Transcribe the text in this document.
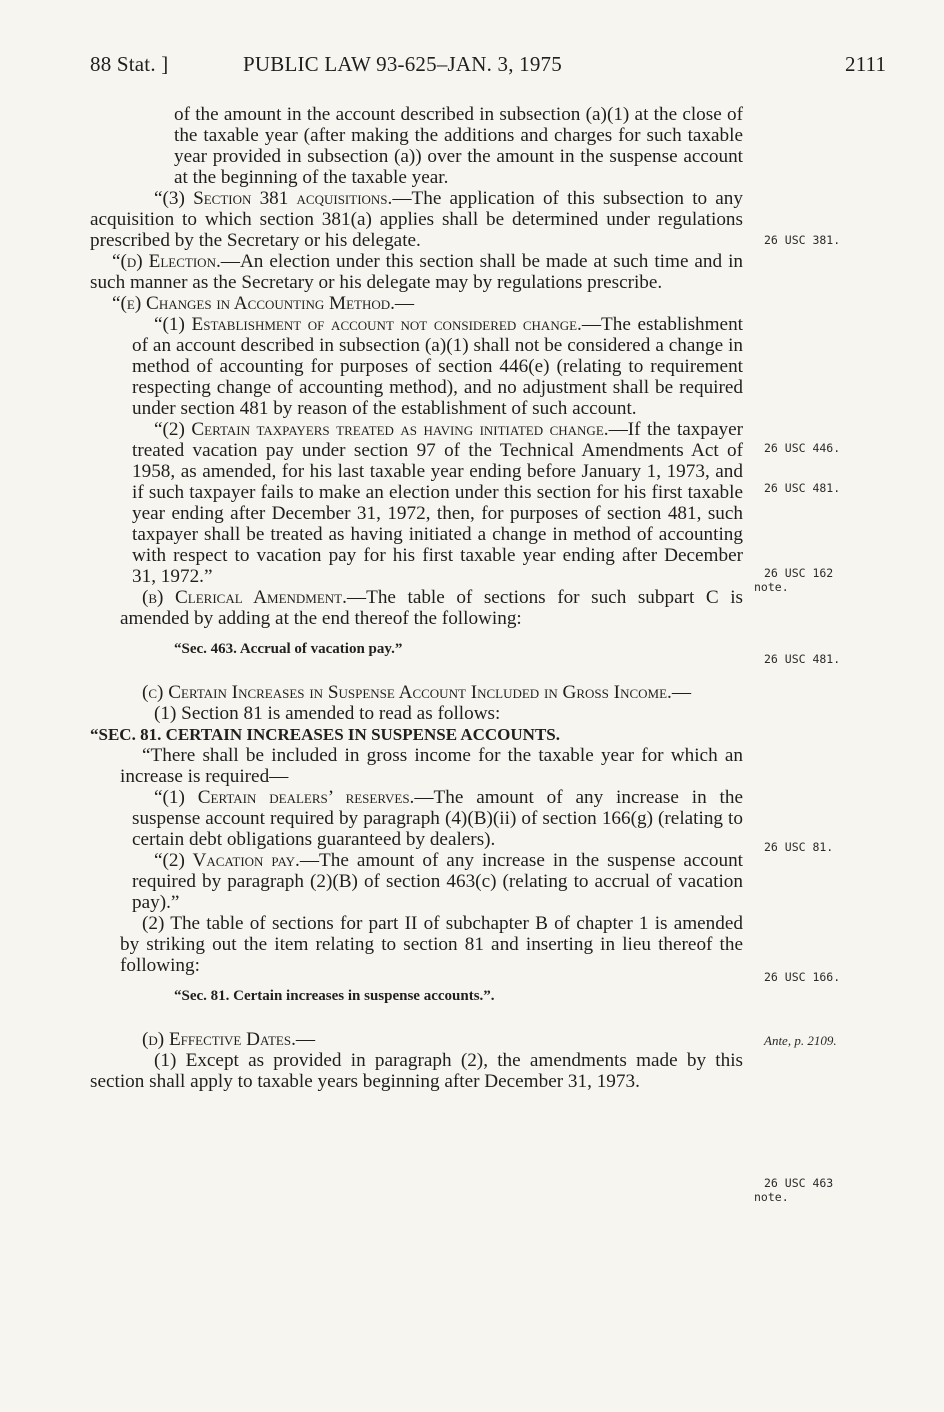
88 Stat. ]	PUBLIC LAW 93-625–JAN. 3, 1975	2111

of the amount in the account described in subsection (a)(1) at the close of the taxable year (after making the additions and charges for such taxable year provided in subsection (a)) over the amount in the suspense account at the beginning of the taxable year.

“(3) Section 381 acquisitions.—The application of this subsection to any acquisition to which section 381(a) applies shall be determined under regulations prescribed by the Secretary or his delegate.

“(d) Election.—An election under this section shall be made at such time and in such manner as the Secretary or his delegate may by regulations prescribe.

“(e) Changes in Accounting Method.—

“(1) Establishment of account not considered change.—The establishment of an account described in subsection (a)(1) shall not be considered a change in method of accounting for purposes of section 446(e) (relating to requirement respecting change of accounting method), and no adjustment shall be required under section 481 by reason of the establishment of such account.

“(2) Certain taxpayers treated as having initiated change.—If the taxpayer treated vacation pay under section 97 of the Technical Amendments Act of 1958, as amended, for his last taxable year ending before January 1, 1973, and if such taxpayer fails to make an election under this section for his first taxable year ending after December 31, 1972, then, for purposes of section 481, such taxpayer shall be treated as having initiated a change in method of accounting with respect to vacation pay for his first taxable year ending after December 31, 1972.”

(b) Clerical Amendment.—The table of sections for such subpart C is amended by adding at the end thereof the following:

“Sec. 463. Accrual of vacation pay.”

(c) Certain Increases in Suspense Account Included in Gross Income.—

(1) Section 81 is amended to read as follows:

“SEC. 81. CERTAIN INCREASES IN SUSPENSE ACCOUNTS.

“There shall be included in gross income for the taxable year for which an increase is required—

“(1) Certain dealers’ reserves.—The amount of any increase in the suspense account required by paragraph (4)(B)(ii) of section 166(g) (relating to certain debt obligations guaranteed by dealers).

“(2) Vacation pay.—The amount of any increase in the suspense account required by paragraph (2)(B) of section 463(c) (relating to accrual of vacation pay).”

(2) The table of sections for part II of subchapter B of chapter 1 is amended by striking out the item relating to section 81 and inserting in lieu thereof the following:

“Sec. 81. Certain increases in suspense accounts.”.

(d) Effective Dates.—

(1) Except as provided in paragraph (2), the amendments made by this section shall apply to taxable years beginning after December 31, 1973.

26 USC 381.
26 USC 446.
26 USC 481.
26 USC 162
note.
26 USC 481.
26 USC 81.
26 USC 166.
Ante, p. 2109.
26 USC 463
note.
